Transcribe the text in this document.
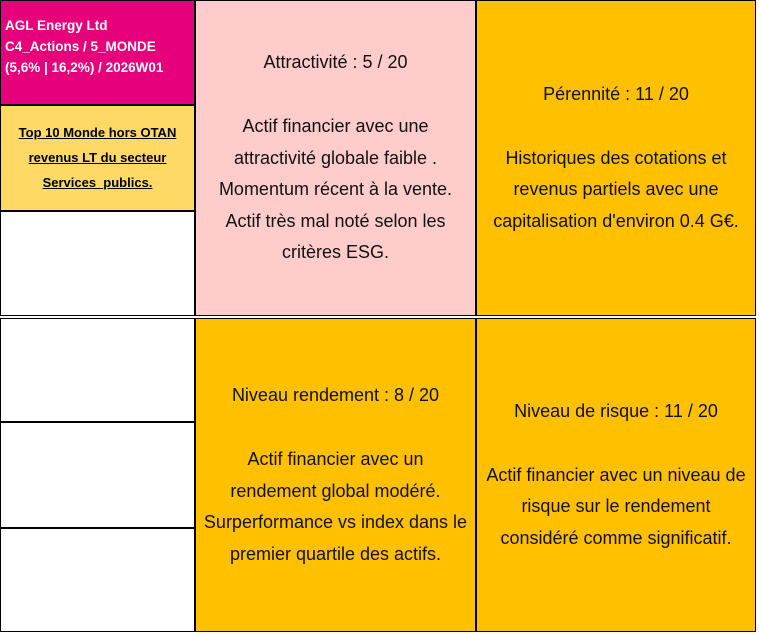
AGL Energy Ltd
C4_Actions / 5_MONDE
(5,6% | 16,2%) / 2026W01
Top 10 Monde hors OTAN
revenus LT du secteur
Services_publics.
Attractivité : 5 / 20
Actif financier avec une
attractivité globale faible .
Momentum récent à la vente.
Actif très mal noté selon les
critères ESG.
Pérennité : 11 / 20
Historiques des cotations et
revenus partiels avec une
capitalisation d'environ 0.4 G€.
Niveau rendement : 8 / 20
Actif financier avec un
rendement global modéré.
Surperformance vs index dans le
premier quartile des actifs.
Niveau de risque : 11 / 20
Actif financier avec un niveau de
risque sur le rendement
considéré comme significatif.
